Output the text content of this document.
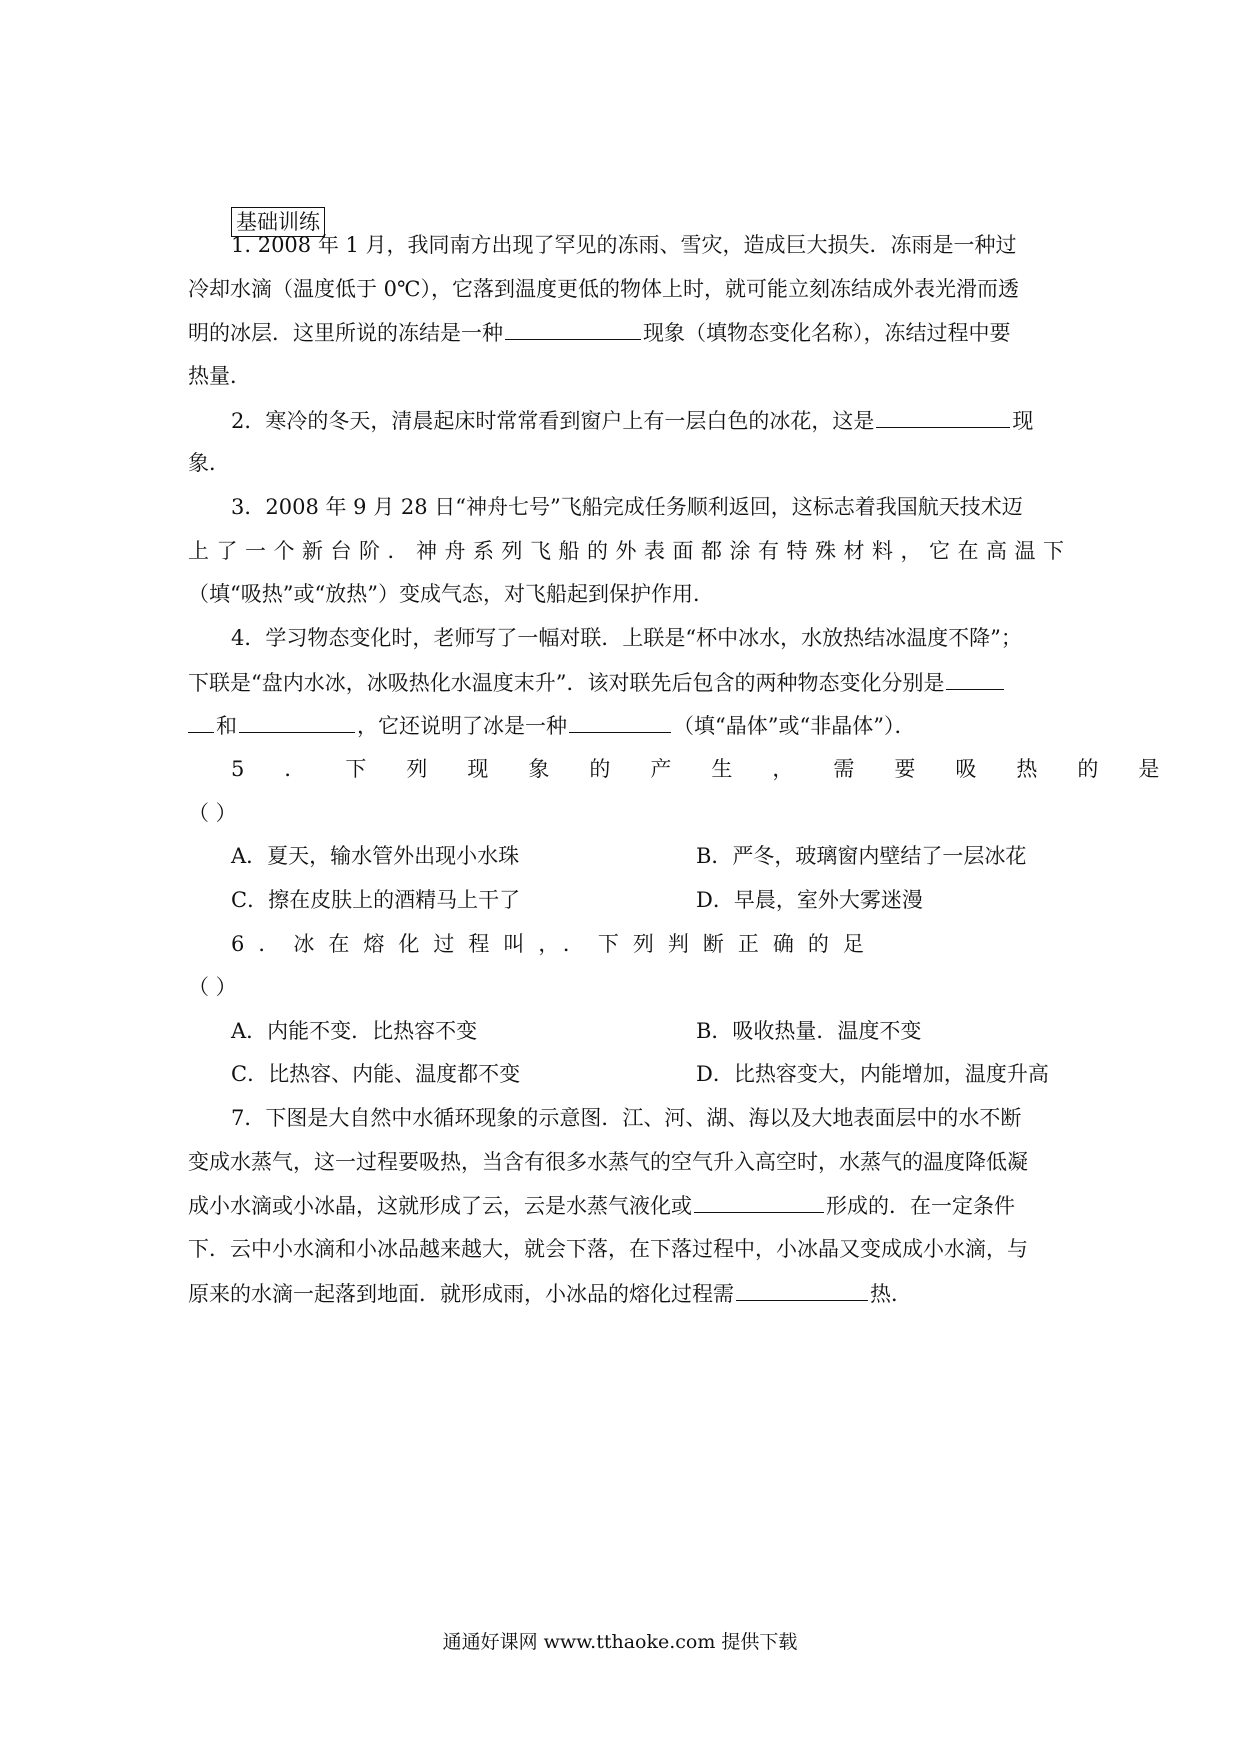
基础训练
1. 2008 年 1 月，我同南方出现了罕见的冻雨、雪灾，造成巨大损失．冻雨是一种过
冷却水滴（温度低于 0℃），它落到温度更低的物体上时，就可能立刻冻结成外表光滑而透
明的冰层．这里所说的冻结是一种	现象（填物态变化名称），冻结过程中要
热量．
2．寒冷的冬天，清晨起床时常常看到窗户上有一层白色的冰花，这是	现
象．
3．2008 年 9 月 28 日“神舟七号”飞船完成任务顺利返回，这标志着我国航天技术迈
上了一个新台阶．神舟系列飞船的外表面都涂有特殊材料，它在高温下
（填“吸热”或“放热”）变成气态，对飞船起到保护作用．
4．学习物态变化时，老师写了一幅对联．上联是“杯中冰水，水放热结冰温度不降”；
下联是“盘内水冰，冰吸热化水温度末升”．该对联先后包含的两种物态变化分别是
和	，它还说明了冰是一种	（填“晶体”或“非晶体”）．
5．下列现象的产生，需要吸热的是
（ ）
A．夏天，输水管外出现小水珠	B．严冬，玻璃窗内壁结了一层冰花
C．擦在皮肤上的酒精马上干了	D．早晨，室外大雾迷漫
6．冰在熔化过程叫，．下列判断正确的足
（ ）
A．内能不变．比热容不变	B．吸收热量．温度不变
C．比热容、内能、温度都不变	D．比热容变大，内能增加，温度升高
7．下图是大自然中水循环现象的示意图．江、河、湖、海以及大地表面层中的水不断
变成水蒸气，这一过程要吸热，当含有很多水蒸气的空气升入高空时，水蒸气的温度降低凝
成小水滴或小冰晶，这就形成了云，云是水蒸气液化或	形成的．在一定条件
下．云中小水滴和小冰品越来越大，就会下落，在下落过程中，小冰晶又变成成小水滴，与
原来的水滴一起落到地面．就形成雨，小冰品的熔化过程需	热．
通通好课网 www.tthaoke.com 提供下载
